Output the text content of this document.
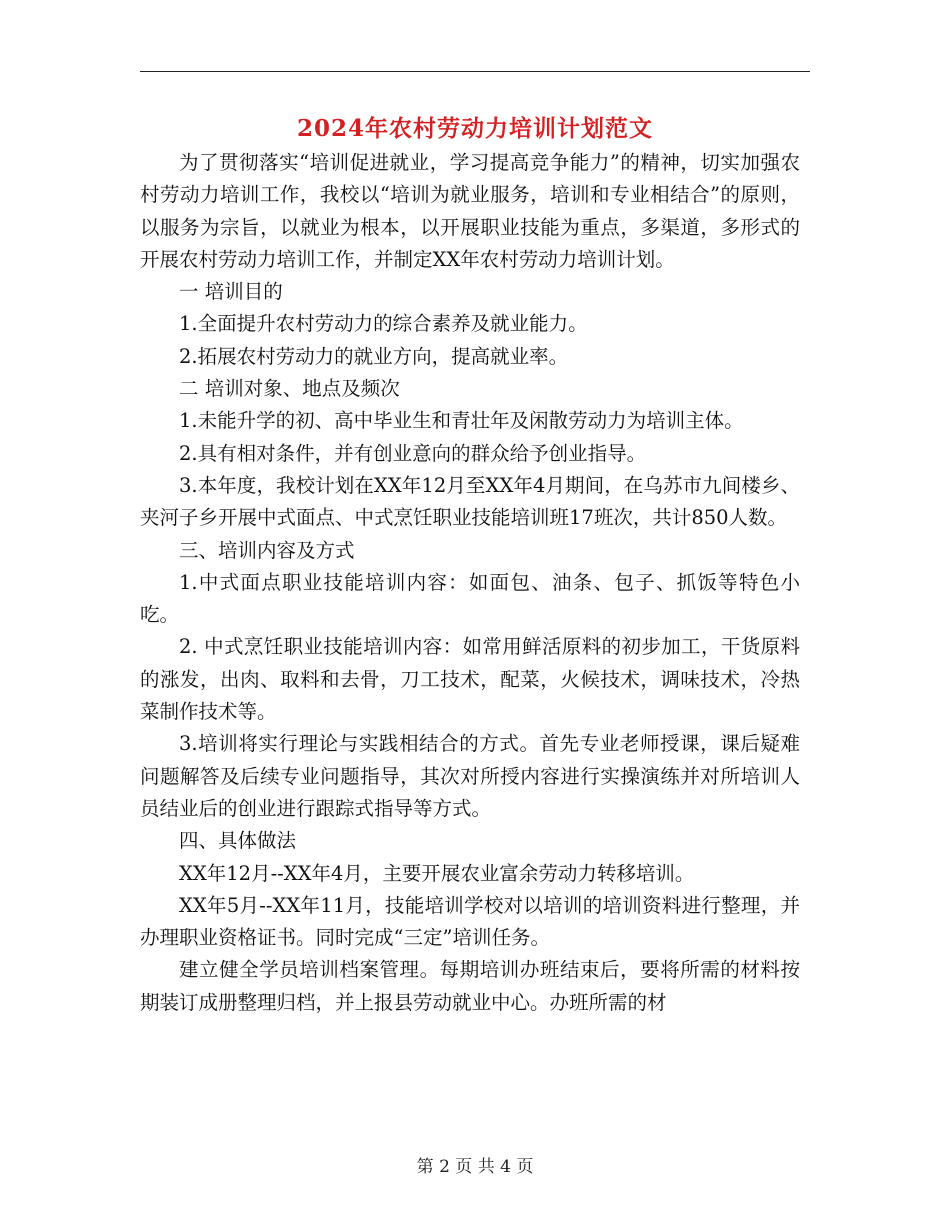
2024年农村劳动力培训计划范文

为了贯彻落实“培训促进就业，学习提高竞争能力”的精神，切实加强农村劳动力培训工作，我校以“培训为就业服务，培训和专业相结合”的原则，以服务为宗旨，以就业为根本，以开展职业技能为重点，多渠道，多形式的开展农村劳动力培训工作，并制定XX年农村劳动力培训计划。

一 培训目的

1.全面提升农村劳动力的综合素养及就业能力。

2.拓展农村劳动力的就业方向，提高就业率。

二 培训对象、地点及频次

1.未能升学的初、高中毕业生和青壮年及闲散劳动力为培训主体。

2.具有相对条件，并有创业意向的群众给予创业指导。

3.本年度，我校计划在XX年12月至XX年4月期间，在乌苏市九间楼乡、夹河子乡开展中式面点、中式烹饪职业技能培训班17班次，共计850人数。

三、培训内容及方式

1.中式面点职业技能培训内容：如面包、油条、包子、抓饭等特色小吃。

2. 中式烹饪职业技能培训内容：如常用鲜活原料的初步加工，干货原料的涨发，出肉、取料和去骨，刀工技术，配菜，火候技术，调味技术，冷热菜制作技术等。

3.培训将实行理论与实践相结合的方式。首先专业老师授课，课后疑难问题解答及后续专业问题指导，其次对所授内容进行实操演练并对所培训人员结业后的创业进行跟踪式指导等方式。

四、具体做法

XX年12月--XX年4月，主要开展农业富余劳动力转移培训。

XX年5月--XX年11月，技能培训学校对以培训的培训资料进行整理，并办理职业资格证书。同时完成“三定”培训任务。

建立健全学员培训档案管理。每期培训办班结束后，要将所需的材料按期装订成册整理归档，并上报县劳动就业中心。办班所需的材

第 2 页 共 4 页
